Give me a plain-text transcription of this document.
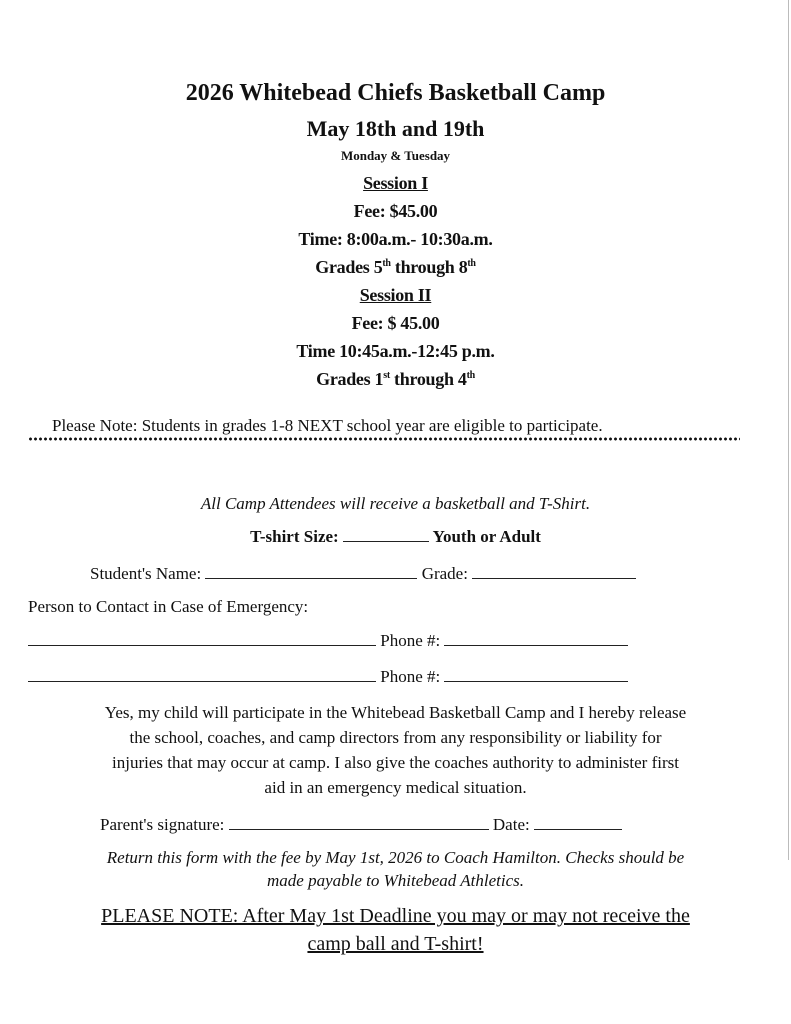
2026 Whitebead Chiefs Basketball Camp
May 18th and 19th
Monday & Tuesday
Session I
Fee: $45.00
Time: 8:00a.m.- 10:30a.m.
Grades 5th through 8th
Session II
Fee: $ 45.00
Time 10:45a.m.-12:45 p.m.
Grades 1st through 4th
Please Note: Students in grades 1-8 NEXT school year are eligible to participate.
All Camp Attendees will receive a basketball and T-Shirt.
T-shirt Size:	Youth or Adult
Student's Name:	Grade:
Person to Contact in Case of Emergency:
Phone #:
Phone #:
Yes, my child will participate in the Whitebead Basketball Camp and I hereby release
the school, coaches, and camp directors from any responsibility or liability for
injuries that may occur at camp. I also give the coaches authority to administer first
aid in an emergency medical situation.
Parent's signature:	Date:
Return this form with the fee by May 1st, 2026 to Coach Hamilton. Checks should be
made payable to Whitebead Athletics.
PLEASE NOTE: After May 1st Deadline you may or may not receive the
camp ball and T-shirt!
